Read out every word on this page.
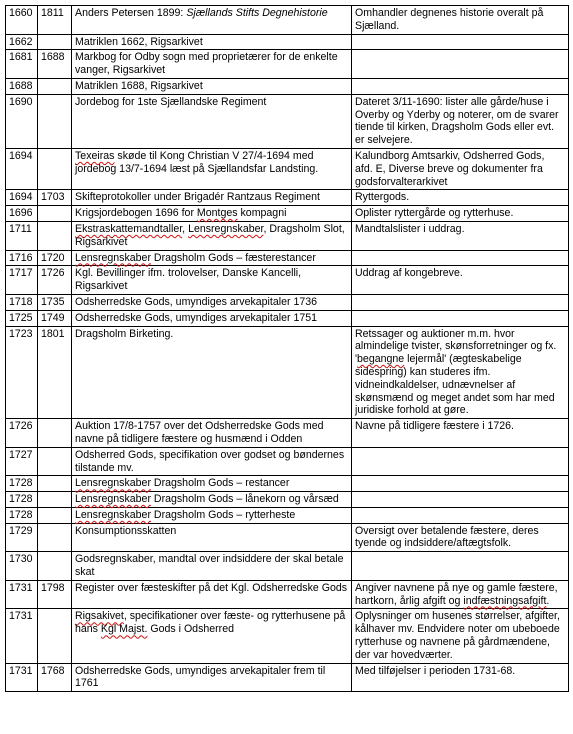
1660	1811	Anders Petersen 1899: Sjællands Stifts Degnehistorie	Omhandler degnenes historie overalt på Sjælland.
1662		Matriklen 1662, Rigsarkivet	
1681	1688	Markbog for Odby sogn med proprietærer for de enkelte vanger, Rigsarkivet	
1688		Matriklen 1688, Rigsarkivet	
1690		Jordebog for 1ste Sjællandske Regiment	Dateret 3/11-1690: lister alle gårde/huse i Overby og Yderby og noterer, om de svarer tiende til kirken, Dragsholm Gods eller evt. er selvejere.
1694		Texeiras skøde til Kong Christian V 27/4-1694 med jordebog 13/7-1694 læst på Sjællandsfar Landsting.	Kalundborg Amtsarkiv, Odsherred Gods, afd. E, Diverse breve og dokumenter fra godsforvalterarkivet
1694	1703	Skifteprotokoller under Brigadér Rantzaus Regiment	Ryttergods.
1696		Krigsjordebogen 1696 for Montges kompagni	Oplister ryttergårde og rytterhuse.
1711		Ekstraskattemandtaller, Lensregnskaber, Dragsholm Slot, Rigsarkivet	Mandtalslister i uddrag.
1716	1720	Lensregnskaber Dragsholm Gods – fæsterestancer	
1717	1726	Kgl. Bevillinger ifm. trolovelser, Danske Kancelli, Rigsarkivet	Uddrag af kongebreve.
1718	1735	Odsherredske Gods, umyndiges arvekapitaler 1736	
1725	1749	Odsherredske Gods, umyndiges arvekapitaler 1751	
1723	1801	Dragsholm Birketing.	Retssager og auktioner m.m. hvor almindelige tvister, skønsforretninger og fx. 'begangne lejermål' (ægteskabelige sidespring) kan studeres ifm. vidneindkaldelser, udnævnelser af skønsmænd og meget andet som har med juridiske forhold at gøre.
1726		Auktion 17/8-1757 over det Odsherredske Gods med navne på tidligere fæstere og husmænd i Odden	Navne på tidligere fæstere i 1726.
1727		Odsherred Gods, specifikation over godset og bøndernes tilstande mv.	
1728		Lensregnskaber Dragsholm Gods – restancer	
1728		Lensregnskaber Dragsholm Gods – lånekorn og vårsæd	
1728		Lensregnskaber Dragsholm Gods – rytterheste	
1729		Konsumptionsskatten	Oversigt over betalende fæstere, deres tyende og indsiddere/aftægtsfolk.
1730		Godsregnskaber, mandtal over indsiddere der skal betale skat	
1731	1798	Register over fæsteskifter på det Kgl. Odsherredske Gods	Angiver navnene på nye og gamle fæstere, hartkorn, årlig afgift og indfæstningsafgift.
1731		Rigsakivet, specifikationer over fæste- og rytterhusene på hans Kgl Majst. Gods i Odsherred	Oplysninger om husenes størrelser, afgifter, kålhaver mv. Endvidere noter om ubeboede rytterhuse og navnene på gårdmændene, der var hovedværter.
1731	1768	Odsherredske Gods, umyndiges arvekapitaler frem til 1761	Med tilføjelser i perioden 1731-68.
